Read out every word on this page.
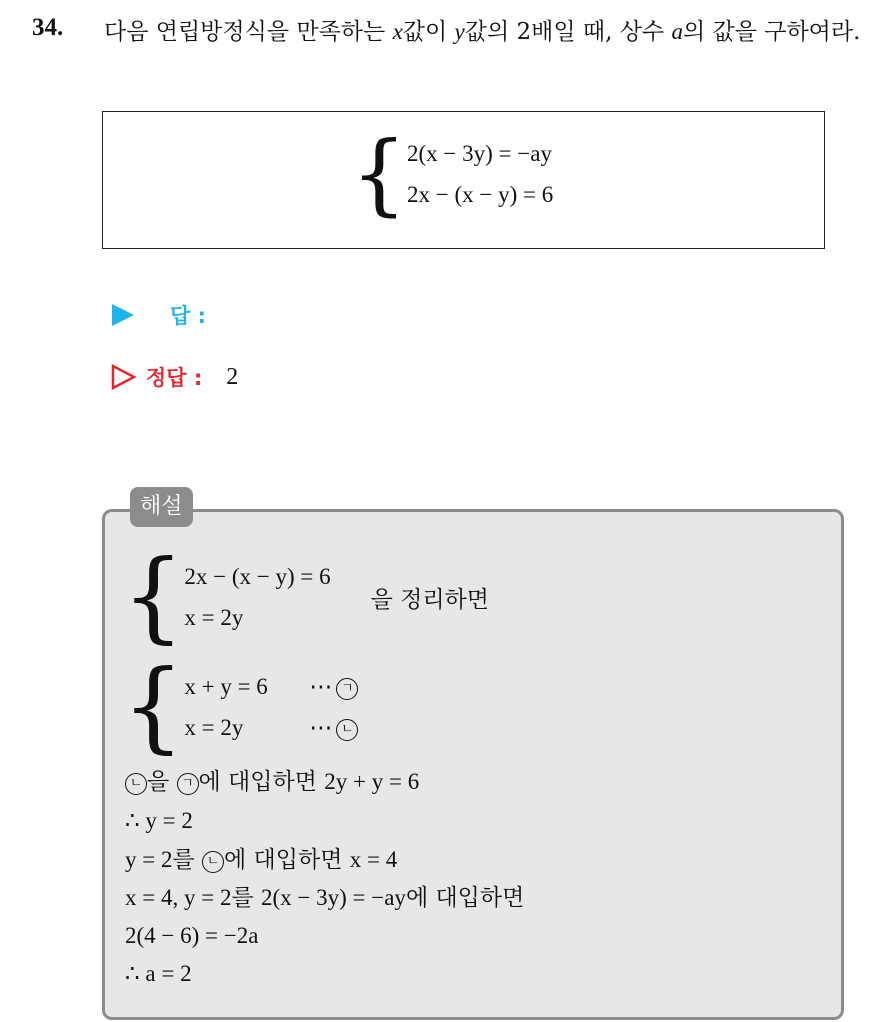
34. 다음 연립방정식을 만족하는 x값이 y값의 2배일 때, 상수 a의 값을 구하여라.
{ 2(x − 3y) = −ay
2x − (x − y) = 6
답 :
정답 : 2
해설
{ 2x − (x − y) = 6
x = 2y
을 정리하면
{ x + y = 6
x = 2y
⋯ ㄱ
⋯ ㄴ
ㄴ 을 ㄱ 에 대입하면 2y + y = 6
∴ y = 2
y = 2를 ㄴ 에 대입하면 x = 4
x = 4, y = 2를 2(x − 3y) = −ay에 대입하면
2(4 − 6) = −2a
∴ a = 2
